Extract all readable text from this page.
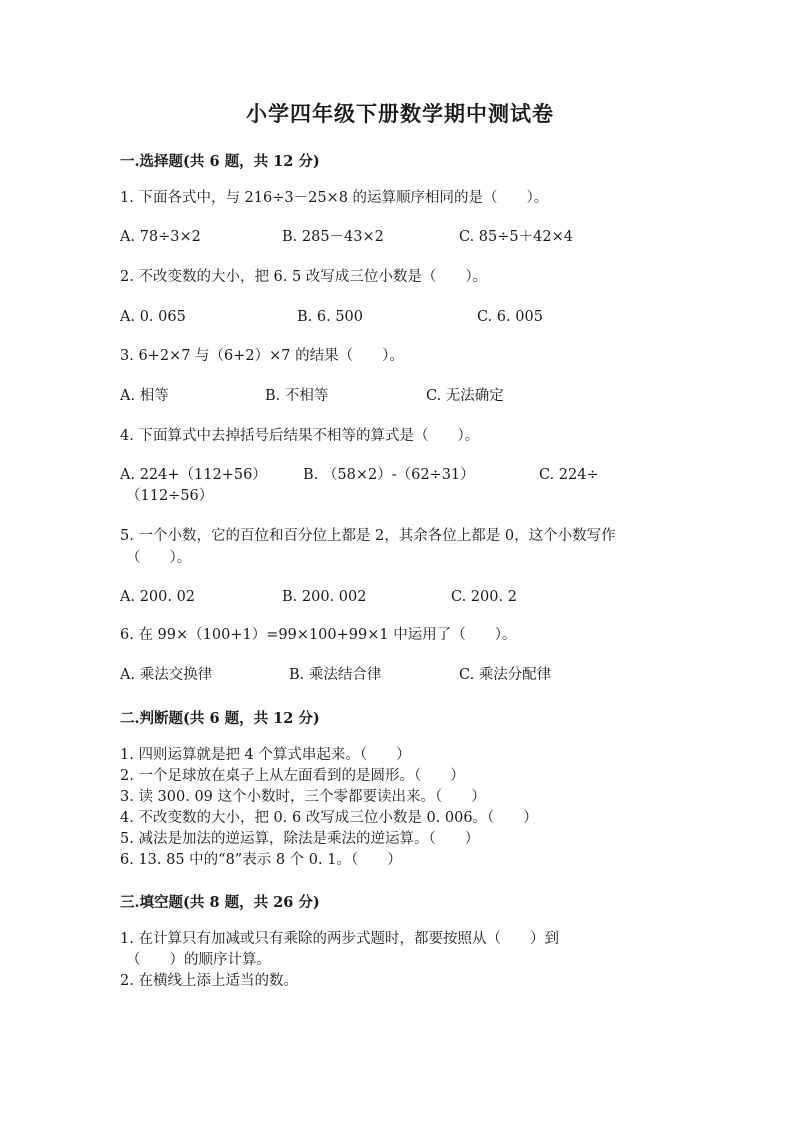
小学四年级下册数学期中测试卷
一.选择题(共 6 题，共 12 分)
1. 下面各式中，与 216÷3－25×8 的运算顺序相同的是（　　）。
A. 78÷3×2	B. 285－43×2	C. 85÷5＋42×4
2. 不改变数的大小，把 6. 5 改写成三位小数是（　　）。
A. 0. 065	B. 6. 500	C. 6. 005
3. 6+2×7 与（6+2）×7 的结果（　　）。
A. 相等	B. 不相等	C. 无法确定
4. 下面算式中去掉括号后结果不相等的算式是（　　）。
A. 224+（112+56） B. （58×2）-（62÷31）	C. 224÷
（112÷56）
5. 一个小数，它的百位和百分位上都是 2，其余各位上都是 0，这个小数写作
（　　）。
A. 200. 02	B. 200. 002	C. 200. 2
6. 在 99×（100+1）=99×100+99×1 中运用了（　　）。
A. 乘法交换律	B. 乘法结合律	C. 乘法分配律
二.判断题(共 6 题，共 12 分)
1. 四则运算就是把 4 个算式串起来。（　　）
2. 一个足球放在桌子上从左面看到的是圆形。（　　）
3. 读 300. 09 这个小数时，三个零都要读出来。（　　）
4. 不改变数的大小，把 0. 6 改写成三位小数是 0. 006。（　　）
5. 减法是加法的逆运算，除法是乘法的逆运算。（　　）
6. 13. 85 中的“8”表示 8 个 0. 1。（　　）
三.填空题(共 8 题，共 26 分)
1. 在计算只有加减或只有乘除的两步式题时，都要按照从（　　）到
（　　）的顺序计算。
2. 在横线上添上适当的数。
